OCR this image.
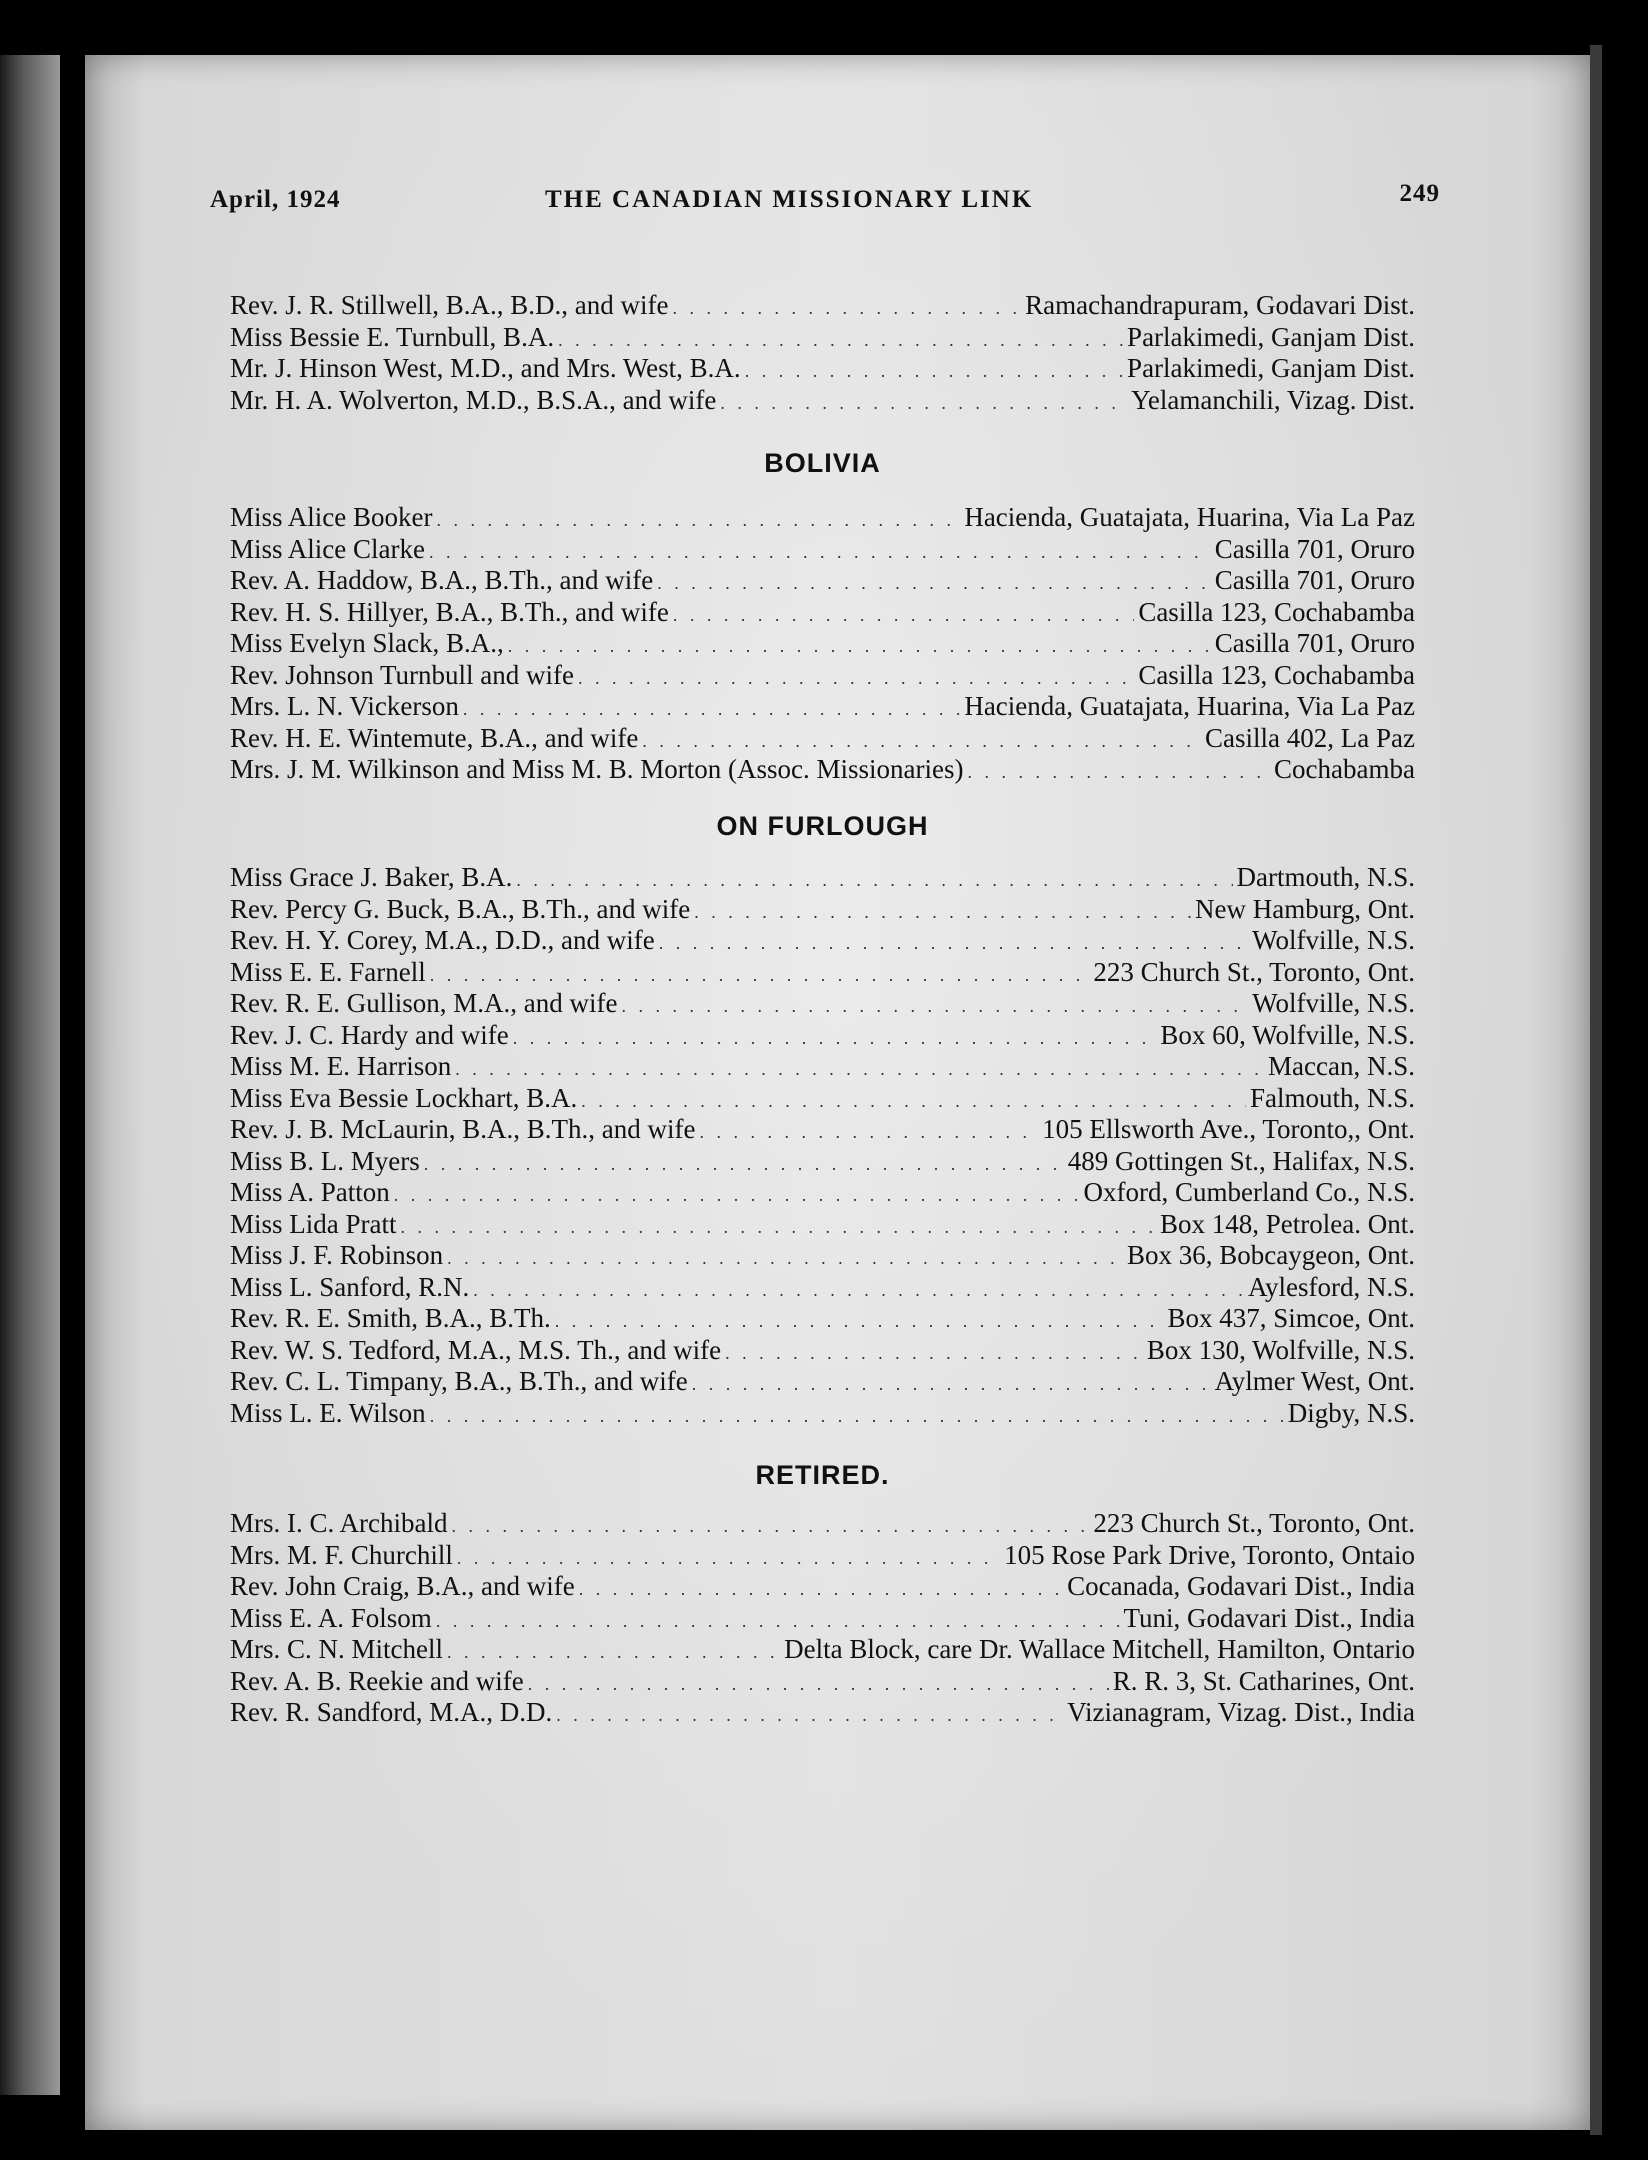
April, 1924	THE CANADIAN MISSIONARY LINK	249
Rev. J. R. Stillwell, B.A., B.D., and wife . . .	Ramachandrapuram, Godavari Dist.
Miss Bessie E. Turnbull, B.A. . . .	Parlakimedi, Ganjam Dist.
Mr. J. Hinson West, M.D., and Mrs. West, B.A. . . .	Parlakimedi, Ganjam Dist.
Mr. H. A. Wolverton, M.D., B.S.A., and wife . . .	Yelamanchili, Vizag. Dist.
BOLIVIA
Miss Alice Booker . . .	Hacienda, Guatajata, Huarina, Via La Paz
Miss Alice Clarke . . .	Casilla 701, Oruro
Rev. A. Haddow, B.A., B.Th., and wife . . .	Casilla 701, Oruro
Rev. H. S. Hillyer, B.A., B.Th., and wife . . .	Casilla 123, Cochabamba
Miss Evelyn Slack, B.A., . . .	Casilla 701, Oruro
Rev. Johnson Turnbull and wife . . .	Casilla 123, Cochabamba
Mrs. L. N. Vickerson . . .	Hacienda, Guatajata, Huarina, Via La Paz
Rev. H. E. Wintemute, B.A., and wife . . .	Casilla 402, La Paz
Mrs. J. M. Wilkinson and Miss M. B. Morton (Assoc. Missionaries) . . .	Cochabamba
ON FURLOUGH
Miss Grace J. Baker, B.A. . . .	Dartmouth, N.S.
Rev. Percy G. Buck, B.A., B.Th., and wife . . .	New Hamburg, Ont.
Rev. H. Y. Corey, M.A., D.D., and wife . . .	Wolfville, N.S.
Miss E. E. Farnell . . .	223 Church St., Toronto, Ont.
Rev. R. E. Gullison, M.A., and wife . . .	Wolfville, N.S.
Rev. J. C. Hardy and wife . . .	Box 60, Wolfville, N.S.
Miss M. E. Harrison . . .	Maccan, N.S.
Miss Eva Bessie Lockhart, B.A. . . .	Falmouth, N.S.
Rev. J. B. McLaurin, B.A., B.Th., and wife . . .	105 Ellsworth Ave., Toronto,, Ont.
Miss B. L. Myers . . .	489 Gottingen St., Halifax, N.S.
Miss A. Patton . . .	Oxford, Cumberland Co., N.S.
Miss Lida Pratt . . .	Box 148, Petrolea. Ont.
Miss J. F. Robinson . . .	Box 36, Bobcaygeon, Ont.
Miss L. Sanford, R.N. . . .	Aylesford, N.S.
Rev. R. E. Smith, B.A., B.Th. . . .	Box 437, Simcoe, Ont.
Rev. W. S. Tedford, M.A., M.S. Th., and wife . . .	Box 130, Wolfville, N.S.
Rev. C. L. Timpany, B.A., B.Th., and wife . . .	Aylmer West, Ont.
Miss L. E. Wilson . . .	Digby, N.S.
RETIRED.
Mrs. I. C. Archibald . . .	223 Church St., Toronto, Ont.
Mrs. M. F. Churchill . . .	105 Rose Park Drive, Toronto, Ontaio
Rev. John Craig, B.A., and wife . . .	Cocanada, Godavari Dist., India
Miss E. A. Folsom . . .	Tuni, Godavari Dist., India
Mrs. C. N. Mitchell . . .	Delta Block, care Dr. Wallace Mitchell, Hamilton, Ontario
Rev. A. B. Reekie and wife . . .	R. R. 3, St. Catharines, Ont.
Rev. R. Sandford, M.A., D.D. . . .	Vizianagram, Vizag. Dist., India
